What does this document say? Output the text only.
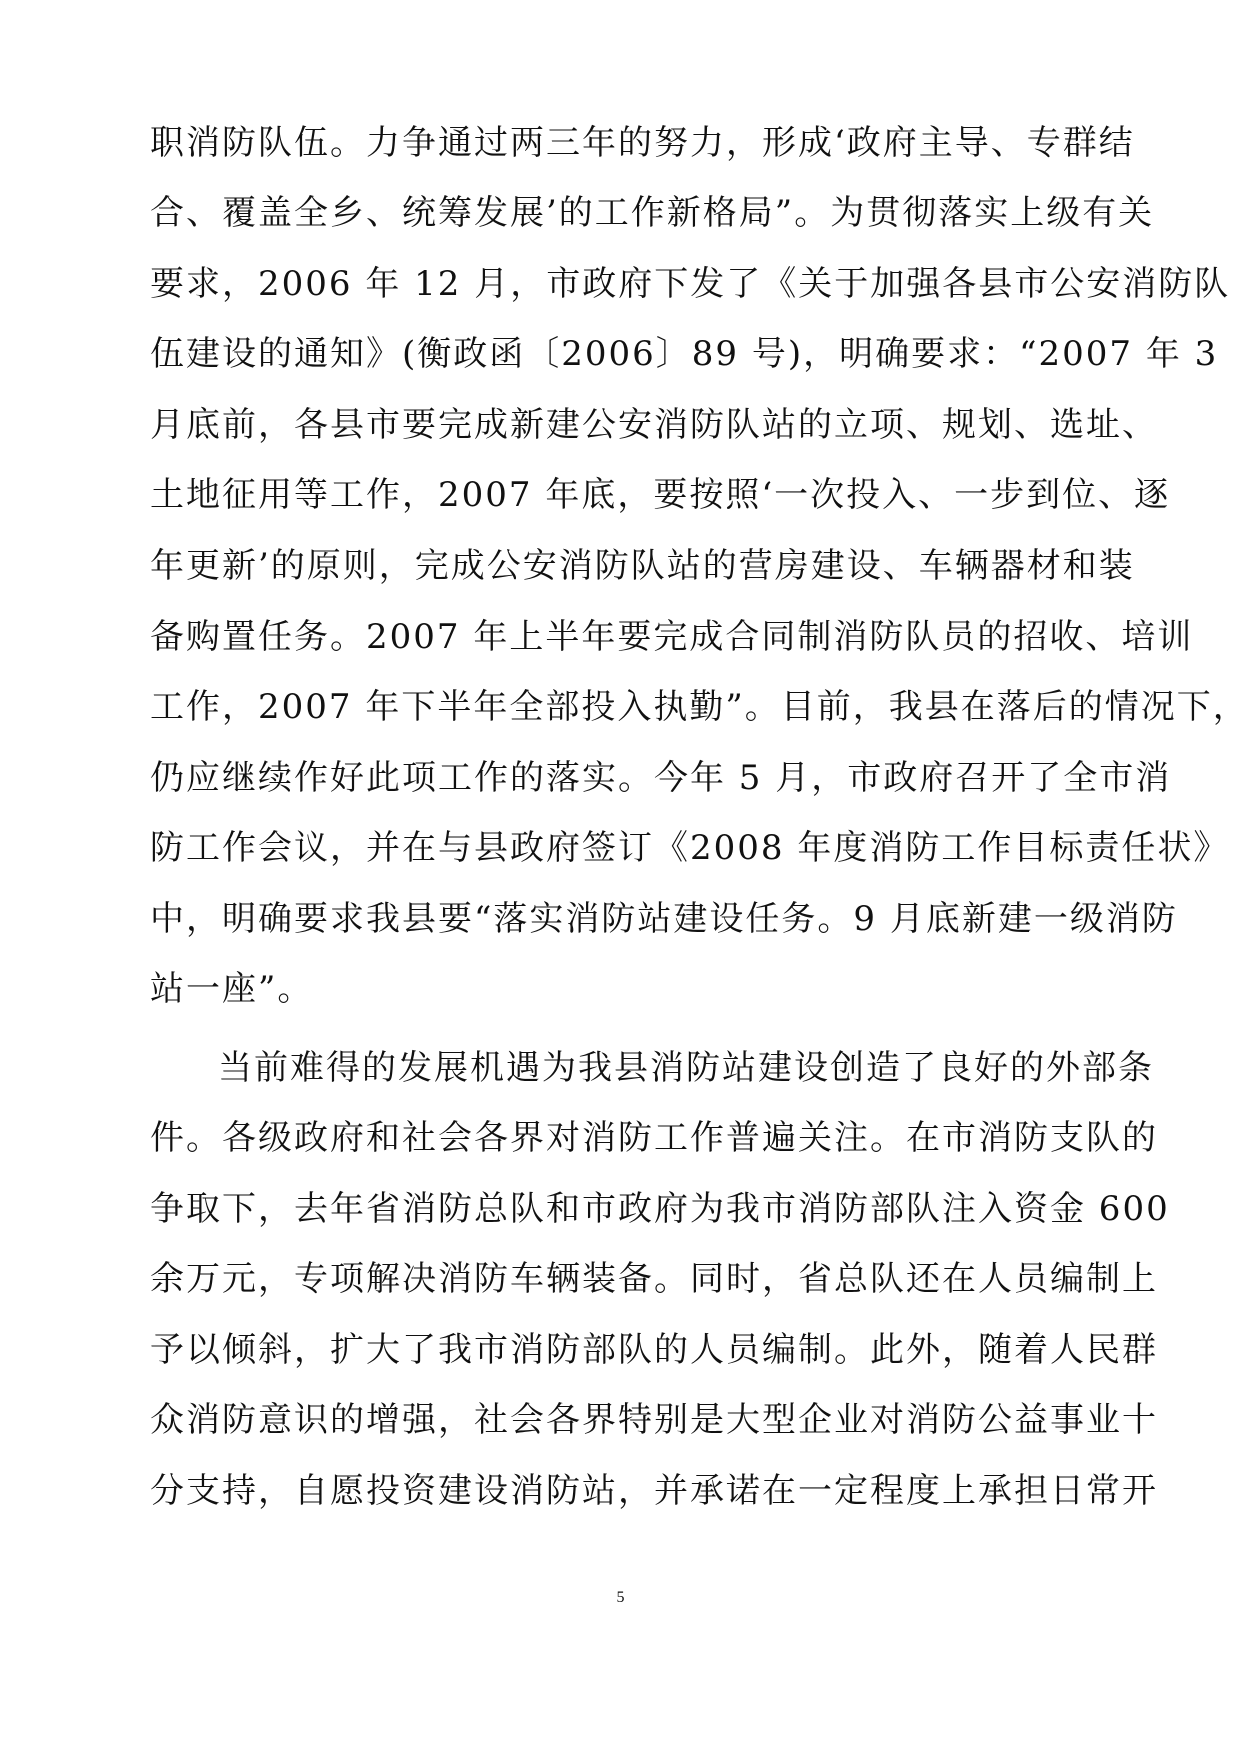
职消防队伍。力争通过两三年的努力，形成‘政府主导、专群结
合、覆盖全乡、统筹发展’的工作新格局”。为贯彻落实上级有关
要求，2006 年 12 月，市政府下发了《关于加强各县市公安消防队
伍建设的通知》(衡政函〔2006〕89 号)，明确要求：“2007 年 3
月底前，各县市要完成新建公安消防队站的立项、规划、选址、
土地征用等工作，2007 年底，要按照‘一次投入、一步到位、逐
年更新’的原则，完成公安消防队站的营房建设、车辆器材和装
备购置任务。2007 年上半年要完成合同制消防队员的招收、培训
工作，2007 年下半年全部投入执勤”。目前，我县在落后的情况下，
仍应继续作好此项工作的落实。今年 5 月，市政府召开了全市消
防工作会议，并在与县政府签订《2008 年度消防工作目标责任状》
中，明确要求我县要“落实消防站建设任务。9 月底新建一级消防
站一座”。
当前难得的发展机遇为我县消防站建设创造了良好的外部条
件。各级政府和社会各界对消防工作普遍关注。在市消防支队的
争取下，去年省消防总队和市政府为我市消防部队注入资金 600
余万元，专项解决消防车辆装备。同时，省总队还在人员编制上
予以倾斜，扩大了我市消防部队的人员编制。此外，随着人民群
众消防意识的增强，社会各界特别是大型企业对消防公益事业十
分支持，自愿投资建设消防站，并承诺在一定程度上承担日常开
5
